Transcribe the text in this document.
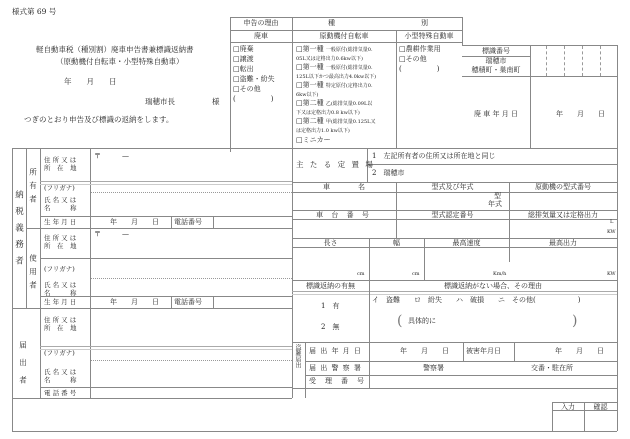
様式第 69 号
軽自動車税（種別割）廃車申告書兼標識返納書
（原動機付自転車・小型特殊自動車）
年　　月　　日
瑞穂市長	様
つぎのとおり申告及び標識の返納をします。
申告の理由	種	別
廃車	原動機付自転車	小型特殊自動車
□廃棄
□譲渡
□転出
□盗難・紛失
□その他
(　　　　　)
□第一種 一般原付(総排気量0.
05L又は定格出力0.6kw以下)
□第一種 一般原付(総排気量0.
125L以下かつ最高出力4.0kw以下)
□第一種 特定原付(定格出力0.
6kw以下)
□第二種 乙(総排気量0.09L以
下又は定格出力0.8 kw以下)
□第二種 甲(総排気量0.125L又
は定格出力1.0 kw以下)
□ミニカー
□農耕作業用
□その他
(　　　　　)
標識番号
瑞穂市
穂積町・巣南町
廃 車 年 月 日	年　　月　　日
納税義務者
所有者
住 所 又 は
所　在　地
〒　　　—
(フリガナ)
氏 名 又 は
名　　　称
生 年 月 日	年　　月　　日 電話番号
使用者
住 所 又 は
所　在　地
〒　　　—
(フリガナ)
氏 名 又 は
名　　　称
生 年 月 日	年　　月　　日 電話番号
届出者
住 所 又 は
所　在　地
(フリガナ)
氏 名 又 は
名　　　称
電 話 番 号
主 た る 定 置 場
1　左記所有者の住所又は所在地と同じ
2　瑞穂市
車　　　　名	型式及び年式	原動機の型式番号
型
年式
車 台 番 号	型式認定番号	総排気量又は定格出力
L
KW
長さ	幅	最高速度	最高出力
cm	cm	Km/h	KW
標識返納の有無	標識返納がない場合、その理由
1　有
2　無
イ　盗難　　ロ　紛失　　ハ　破損　　ニ　その他(　　　　　　)
(	)
具体的に
盗難届出 届 出 年 月 日	年　　月　　日 被害年月日	年　　月　　日
届 出 警 察 署	警察署	交番・駐在所
受　理　番　号
入力	確認
